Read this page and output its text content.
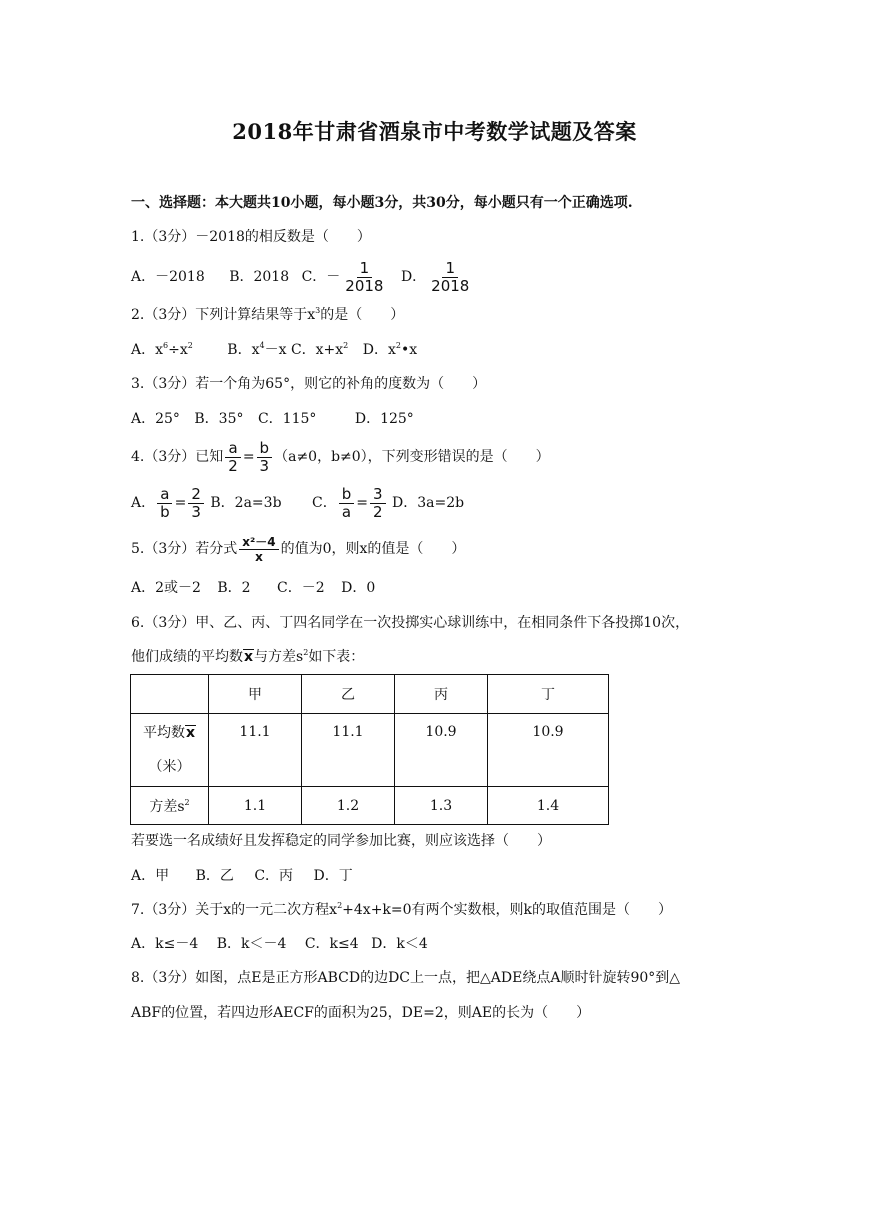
2018年甘肃省酒泉市中考数学试题及答案
一、选择题：本大题共10小题，每小题3分，共30分，每小题只有一个正确选项.
1.（3分）－2018的相反数是（　　）
A．－2018 B．2018 C．－ $\frac{1}{2018}$ D． $\frac{1}{2018}$
2.（3分）下列计算结果等于$x^3$的是（　　）
A．$x^6\div x^2$ B．$x^4-x$ C．$x+x^2$ D．$x^2•x$
3.（3分）若一个角为65°，则它的补角的度数为（　　）
A．25° B．35° C．115°	D．125°
4.（3分）已知 $\frac{a}{2} = \frac{b}{3} (a\ne 0$，b≠0），下列变形错误的是（　　）
A． $\frac{a}{b} = \frac{2}{3}$ B．2a=3b C． $\frac{b}{a} = \frac{3}{2}$ D．3a=2b
5.（3分）若分式 $\frac{\text{x²－4}}{x}$ 的值为0，则x的值是（　　）
A．2或－2 B．2 C．－2 D．0
6.（3分）甲、乙、丙、丁四名同学在一次投掷实心球训练中，在相同条件下各投掷10次，
他们成绩的平均数x与方差$s^2$如下表：
	甲	乙	丙	丁
平均数x
（米）	11.1	11.1	10.9	10.9
方差$s^2$	1.1	1.2	1.3	1.4
若要选一名成绩好且发挥稳定的同学参加比赛，则应该选择（　　）
A．甲 B．乙 C．丙 D．丁
7.（3分）关于x的一元二次方程$x^2+4x+k=0$有两个实数根，则k的取值范围是（　　）
A．k≤－4 B．k＜－4 C．k≤4 D．k＜4
8.（3分）如图，点E是正方形ABCD的边DC上一点，把△ADE绕点A顺时针旋转90°到△
ABF的位置，若四边形AECF的面积为25，DE=2，则AE的长为（　　）
